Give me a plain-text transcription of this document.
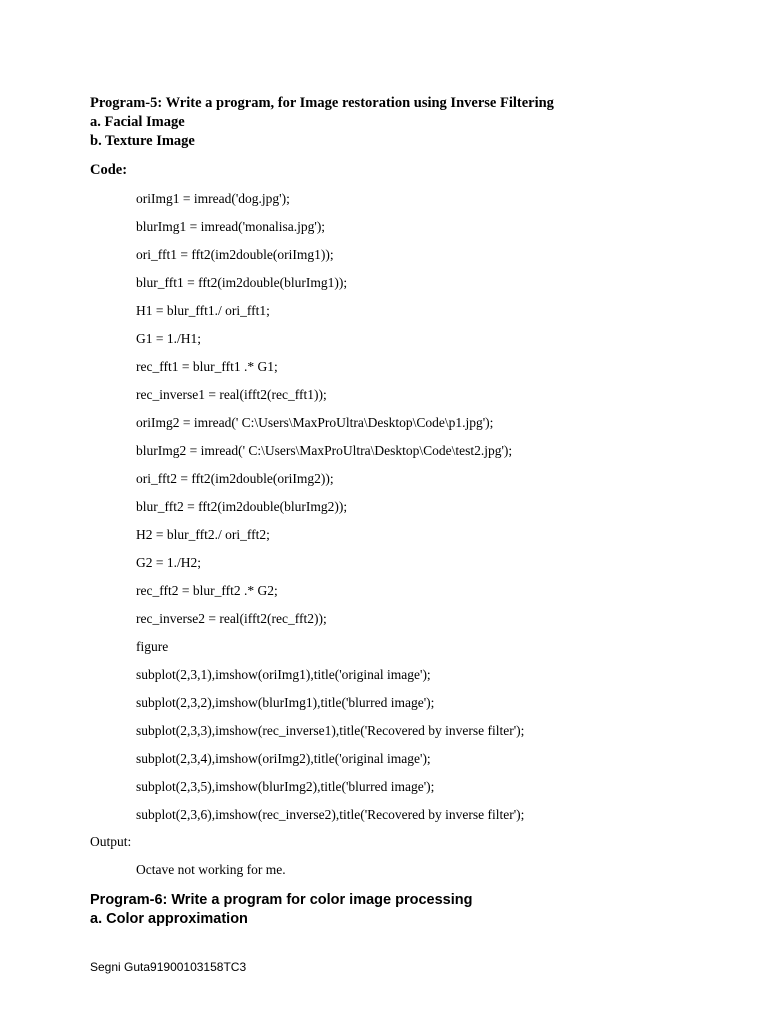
Program-5: Write a program, for Image restoration using Inverse Filtering
a. Facial Image
b. Texture Image
Code:
oriImg1 = imread('dog.jpg');
blurImg1 = imread('monalisa.jpg');
ori_fft1 = fft2(im2double(oriImg1));
blur_fft1 = fft2(im2double(blurImg1));
H1 = blur_fft1./ ori_fft1;
G1 = 1./H1;
rec_fft1 = blur_fft1 .* G1;
rec_inverse1 = real(ifft2(rec_fft1));
oriImg2 = imread(' C:\Users\MaxProUltra\Desktop\Code\p1.jpg');
blurImg2 = imread(' C:\Users\MaxProUltra\Desktop\Code\test2.jpg');
ori_fft2 = fft2(im2double(oriImg2));
blur_fft2 = fft2(im2double(blurImg2));
H2 = blur_fft2./ ori_fft2;
G2 = 1./H2;
rec_fft2 = blur_fft2 .* G2;
rec_inverse2 = real(ifft2(rec_fft2));
figure
subplot(2,3,1),imshow(oriImg1),title('original image');
subplot(2,3,2),imshow(blurImg1),title('blurred image');
subplot(2,3,3),imshow(rec_inverse1),title('Recovered by inverse filter');
subplot(2,3,4),imshow(oriImg2),title('original image');
subplot(2,3,5),imshow(blurImg2),title('blurred image');
subplot(2,3,6),imshow(rec_inverse2),title('Recovered by inverse filter');
Output:
Octave not working for me.
Program-6: Write a program for color image processing
a. Color approximation
Segni Guta91900103158TC3
